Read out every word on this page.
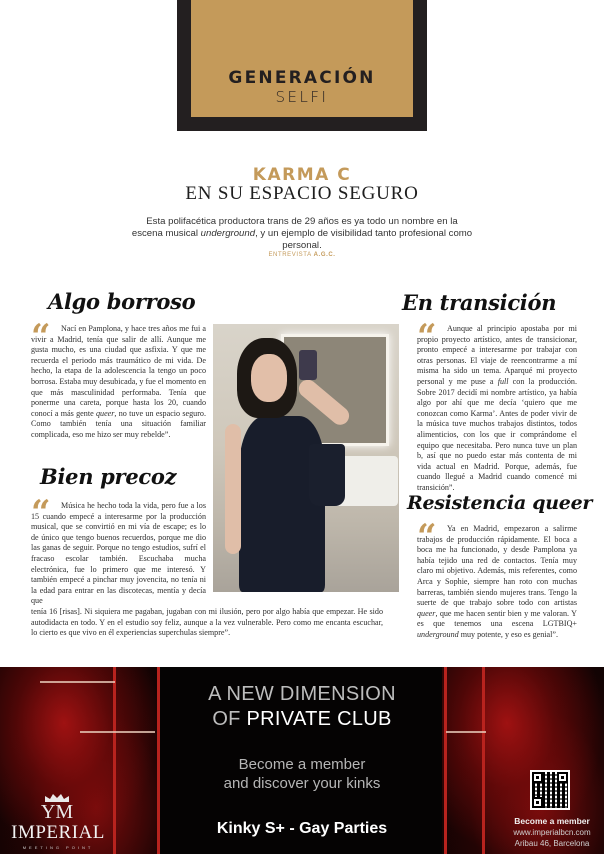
GENERACIÓN
SELFI
KARMA C
EN SU ESPACIO SEGURO
Esta polifacética productora trans de 29 años es ya todo un nombre en la escena musical underground, y un ejemplo de visibilidad tanto profesional como personal.
ENTREVISTA A.G.C.
Algo borroso
“	Nací en Pamplona, y hace tres años me fui a vivir a Madrid, tenía que salir de allí. Aunque me gusta mucho, es una ciudad que asfixia. Y que me recuerda el periodo más traumático de mi vida. De hecho, la etapa de la adolescencia la tengo un poco borrosa. Estaba muy desubicada, y fue el momento en que más masculinidad performaba. Tenía que ponerme una careta, porque hasta los 20, cuando conocí a más gente queer, no tuve un espacio seguro. Como también tenía una situación familiar complicada, eso me hizo ser muy rebelde”.
Bien precoz
“	Música he hecho toda la vida, pero fue a los 15 cuando empecé a interesarme por la producción musical, que se convirtió en mi vía de escape; es lo de único que tengo buenos recuerdos, porque me dio las ganas de seguir. Porque no tengo estudios, sufrí el fracaso escolar también. Escuchaba mucha electrónica, fue lo primero que me interesó. Y también empecé a pinchar muy jovencita, no tenía ni la edad para entrar en las discotecas, mentía y decía que
tenía 16 [risas]. Ni siquiera me pagaban, jugaban con mi ilusión, pero por algo había que empezar. He sido autodidacta en todo. Y en el estudio soy feliz, aunque a la vez vulnerable. Pero como me encanta escuchar, lo cierto es que vivo en él experiencias superchulas siempre”.
En transición
“	Aunque al principio apostaba por mi propio proyecto artístico, antes de transicionar, pronto empecé a interesarme por trabajar con otras personas. El viaje de reencontrarme a mí misma ha sido un tema. Aparqué mi proyecto personal y me puse a full con la producción. Sobre 2017 decidí mi nombre artístico, ya había algo por ahí que me decía ‘quiero que me conozcan como Karma’. Antes de poder vivir de la música tuve muchos trabajos distintos, todos alimenticios, con los que ir comprándome el equipo que necesitaba. Pero nunca tuve un plan b, así que no puedo estar más contenta de mi vida actual en Madrid. Porque, además, fue cuando llegué a Madrid cuando comencé mi transición”.
Resistencia queer
“	Ya en Madrid, empezaron a salirme trabajos de producción rápidamente. El boca a boca me ha funcionado, y desde Pamplona ya había tejido una red de contactos. Tenía muy claro mi objetivo. Además, mis referentes, como Arca y Sophie, siempre han roto con muchas barreras, también siendo mujeres trans. Tengo la suerte de que trabajo sobre todo con artistas queer, que me hacen sentir bien y me valoran. Y es que tenemos una escena LGTBIQ+ underground muy potente, y eso es genial”.
A NEW DIMENSION
OF PRIVATE CLUB
Become a member
and discover your kinks
Kinky S+ - Gay Parties
YM
IMPERIAL
MEETING POINT
Become a member
www.imperialbcn.com
Aribau 46, Barcelona
